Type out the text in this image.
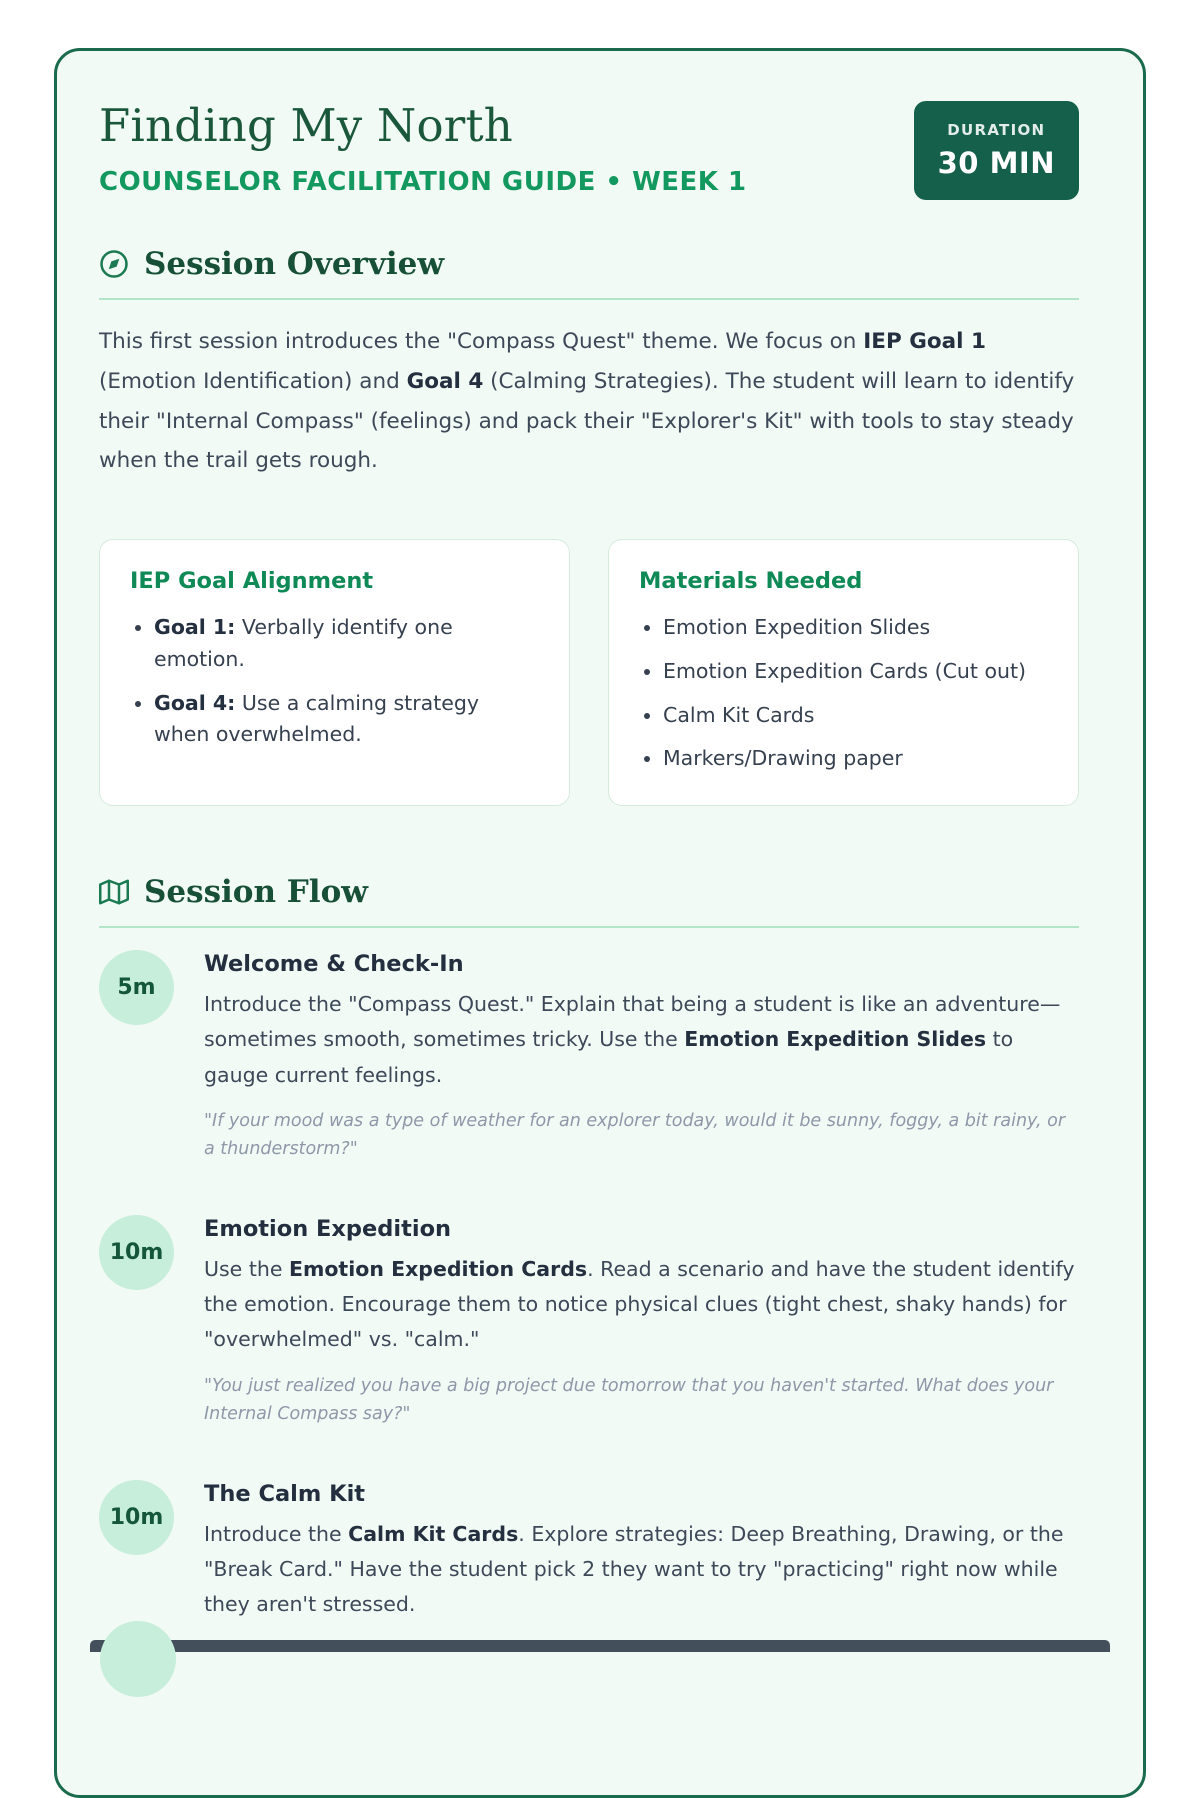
Finding My North
COUNSELOR FACILITATION GUIDE • WEEK 1
DURATION
30 MIN
Session Overview

This first session introduces the "Compass Quest" theme. We focus on IEP Goal 1 (Emotion Identification) and Goal 4 (Calming Strategies). The student will learn to identify their "Internal Compass" (feelings) and pack their "Explorer's Kit" with tools to stay steady when the trail gets rough.

IEP Goal Alignment
• Goal 1: Verbally identify one emotion.
• Goal 4: Use a calming strategy when overwhelmed.
Materials Needed
• Emotion Expedition Slides
• Emotion Expedition Cards (Cut out)
• Calm Kit Cards
• Markers/Drawing paper
Session Flow
5m
Welcome & Check-In

Introduce the "Compass Quest." Explain that being a student is like an adventure—sometimes smooth, sometimes tricky. Use the Emotion Expedition Slides to gauge current feelings.

"If your mood was a type of weather for an explorer today, would it be sunny, foggy, a bit rainy, or a thunderstorm?"

10m
Emotion Expedition

Use the Emotion Expedition Cards. Read a scenario and have the student identify the emotion. Encourage them to notice physical clues (tight chest, shaky hands) for "overwhelmed" vs. "calm."

"You just realized you have a big project due tomorrow that you haven't started. What does your Internal Compass say?"

10m
The Calm Kit

Introduce the Calm Kit Cards. Explore strategies: Deep Breathing, Drawing, or the "Break Card." Have the student pick 2 they want to try "practicing" right now while they aren't stressed.
